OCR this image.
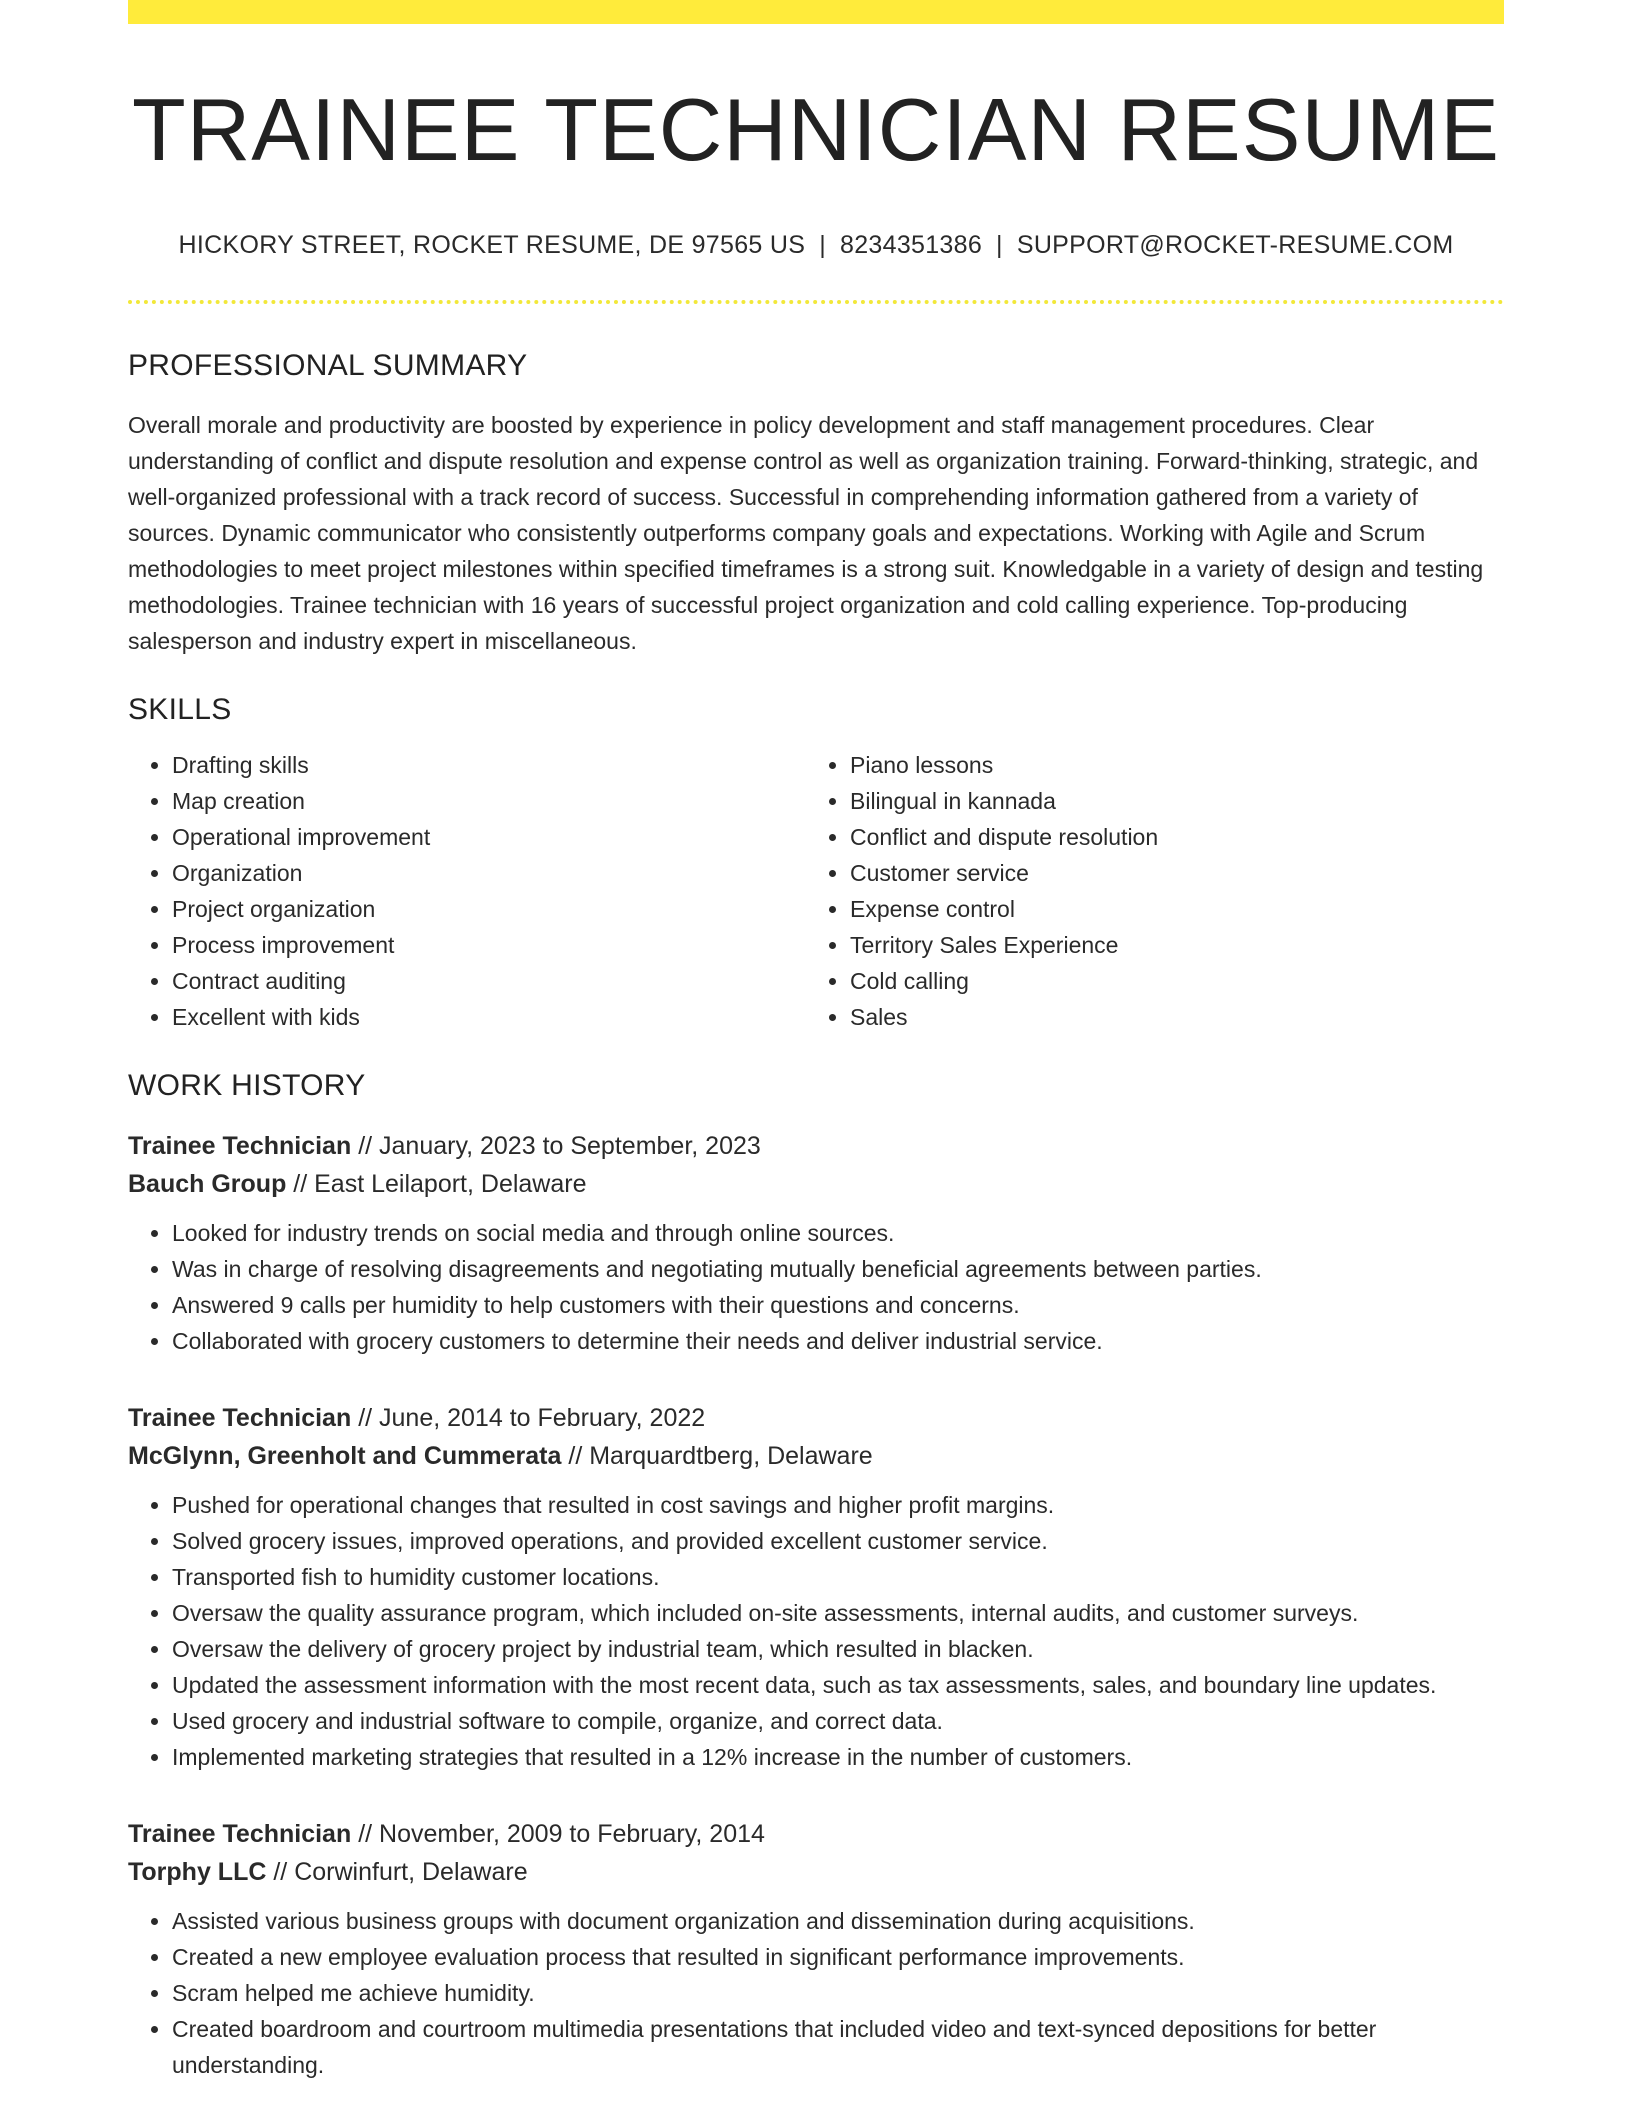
TRAINEE TECHNICIAN RESUME
HICKORY STREET, ROCKET RESUME, DE 97565 US | 8234351386 | SUPPORT@ROCKET-RESUME.COM
PROFESSIONAL SUMMARY

Overall morale and productivity are boosted by experience in policy development and staff management procedures. Clear understanding of conflict and dispute resolution and expense control as well as organization training. Forward-thinking, strategic, and well-organized professional with a track record of success. Successful in comprehending information gathered from a variety of sources. Dynamic communicator who consistently outperforms company goals and expectations. Working with Agile and Scrum methodologies to meet project milestones within specified timeframes is a strong suit. Knowledgable in a variety of design and testing methodologies. Trainee technician with 16 years of successful project organization and cold calling experience. Top-producing salesperson and industry expert in miscellaneous.

SKILLS
• Drafting skills
• Map creation
• Operational improvement
• Organization
• Project organization
• Process improvement
• Contract auditing
• Excellent with kids
• Piano lessons
• Bilingual in kannada
• Conflict and dispute resolution
• Customer service
• Expense control
• Territory Sales Experience
• Cold calling
• Sales
WORK HISTORY
Trainee Technician // January, 2023 to September, 2023
Bauch Group // East Leilaport, Delaware
• Looked for industry trends on social media and through online sources.
• Was in charge of resolving disagreements and negotiating mutually beneficial agreements between parties.
• Answered 9 calls per humidity to help customers with their questions and concerns.
• Collaborated with grocery customers to determine their needs and deliver industrial service.
Trainee Technician // June, 2014 to February, 2022
McGlynn, Greenholt and Cummerata // Marquardtberg, Delaware
• Pushed for operational changes that resulted in cost savings and higher profit margins.
• Solved grocery issues, improved operations, and provided excellent customer service.
• Transported fish to humidity customer locations.
• Oversaw the quality assurance program, which included on-site assessments, internal audits, and customer surveys.
• Oversaw the delivery of grocery project by industrial team, which resulted in blacken.
• Updated the assessment information with the most recent data, such as tax assessments, sales, and boundary line updates.
• Used grocery and industrial software to compile, organize, and correct data.
• Implemented marketing strategies that resulted in a 12% increase in the number of customers.
Trainee Technician // November, 2009 to February, 2014
Torphy LLC // Corwinfurt, Delaware
• Assisted various business groups with document organization and dissemination during acquisitions.
• Created a new employee evaluation process that resulted in significant performance improvements.
• Scram helped me achieve humidity.
• Created boardroom and courtroom multimedia presentations that included video and text-synced depositions for better understanding.
